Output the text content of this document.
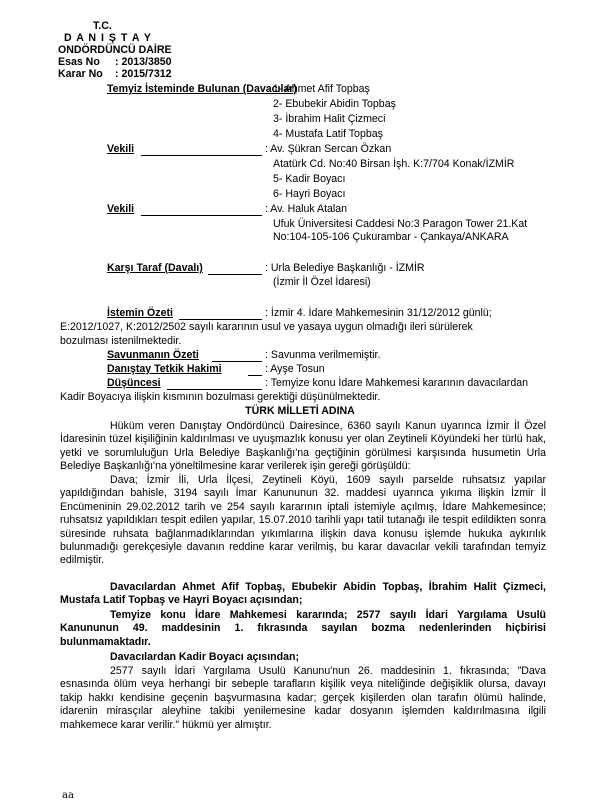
T.C.
D A N I Ş T A Y
ONDÖRDÜNCÜ DAİRE
Esas No : 2013/3850
Karar No : 2015/7312
Temyiz İsteminde Bulunan (Davacılar)
: 1- Ahmet Afif Topbaş
2- Ebubekir Abidin Topbaş
3- İbrahim Halit Çizmeci
4- Mustafa Latif Topbaş
Vekili	: Av. Şükran Sercan Özkan
Atatürk Cd. No:40 Birsan İşh. K:7/704 Konak/İZMİR
5- Kadir Boyacı
6- Hayri Boyacı
Vekili	: Av. Haluk Atalan
Ufuk Üniversitesi Caddesi No:3 Paragon Tower 21.Kat
No:104-105-106 Çukurambar - Çankaya/ANKARA
Karşı Taraf (Davalı)	: Urla Belediye Başkanlığı - İZMİR
(İzmir İl Özel İdaresi)
İstemin Özeti	: İzmir 4. İdare Mahkemesinin 31/12/2012 günlü;
E:2012/1027, K:2012/2502 sayılı kararının usul ve yasaya uygun olmadığı ileri sürülerek
bozulması istenilmektedir.
Savunmanın Özeti	: Savunma verilmemiştir.
Danıştay Tetkik Hakimi	: Ayşe Tosun
Düşüncesi	: Temyize konu İdare Mahkemesi kararının davacılardan
Kadir Boyacıya ilişkin kısmının bozulması gerektiği düşünülmektedir.
TÜRK MİLLETİ ADINA
Hüküm veren Danıştay Ondördüncü Dairesince, 6360 sayılı Kanun uyarınca İzmir İl Özel İdaresinin tüzel kişiliğinin kaldırılması ve uyuşmazlık konusu yer olan Zeytineli Köyündeki her türlü hak, yetki ve sorumluluğun Urla Belediye Başkanlığı'na geçtiğinin görülmesi karşısında husumetin Urla Belediye Başkanlığı'na yöneltilmesine karar verilerek işin gereği görüşüldü:
Dava; İzmir İli, Urla İlçesi, Zeytineli Köyü, 1609 sayılı parselde ruhsatsız yapılar yapıldığından bahisle, 3194 sayılı İmar Kanununun 32. maddesi uyarınca yıkıma ilişkin İzmir İl Encümeninin 29.02.2012 tarih ve 254 sayılı kararının iptali istemiyle açılmış, İdare Mahkemesince; ruhsatsız yapıldıkları tespit edilen yapılar, 15.07.2010 tarihli yapı tatil tutanağı ile tespit edildikten sonra süresinde ruhsata bağlanmadıklarından yıkımlarına ilişkin dava konusu işlemde hukuka aykırılık bulunmadığı gerekçesiyle davanın reddine karar verilmiş, bu karar davacılar vekili tarafından temyiz edilmiştir.
Davacılardan Ahmet Afif Topbaş, Ebubekir Abidin Topbaş, İbrahim Halit Çizmeci, Mustafa Latif Topbaş ve Hayri Boyacı açısından;
Temyize konu İdare Mahkemesi kararında; 2577 sayılı İdari Yargılama Usulü Kanununun 49. maddesinin 1. fıkrasında sayılan bozma nedenlerinden hiçbirisi bulunmamaktadır.
Davacılardan Kadir Boyacı açısından;
2577 sayılı İdari Yargılama Usulü Kanunu'nun 26. maddesinin 1. fıkrasında; "Dava esnasında ölüm veya herhangi bir sebeple tarafların kişilik veya niteliğinde değişiklik olursa, davayı takip hakkı kendisine geçenin başvurmasına kadar; gerçek kişilerden olan tarafın ölümü halinde, idarenin mirasçılar aleyhine takibi yenilemesine kadar dosyanın işlemden kaldırılmasına ilgili mahkemece karar verilir." hükmü yer almıştır.
aa
